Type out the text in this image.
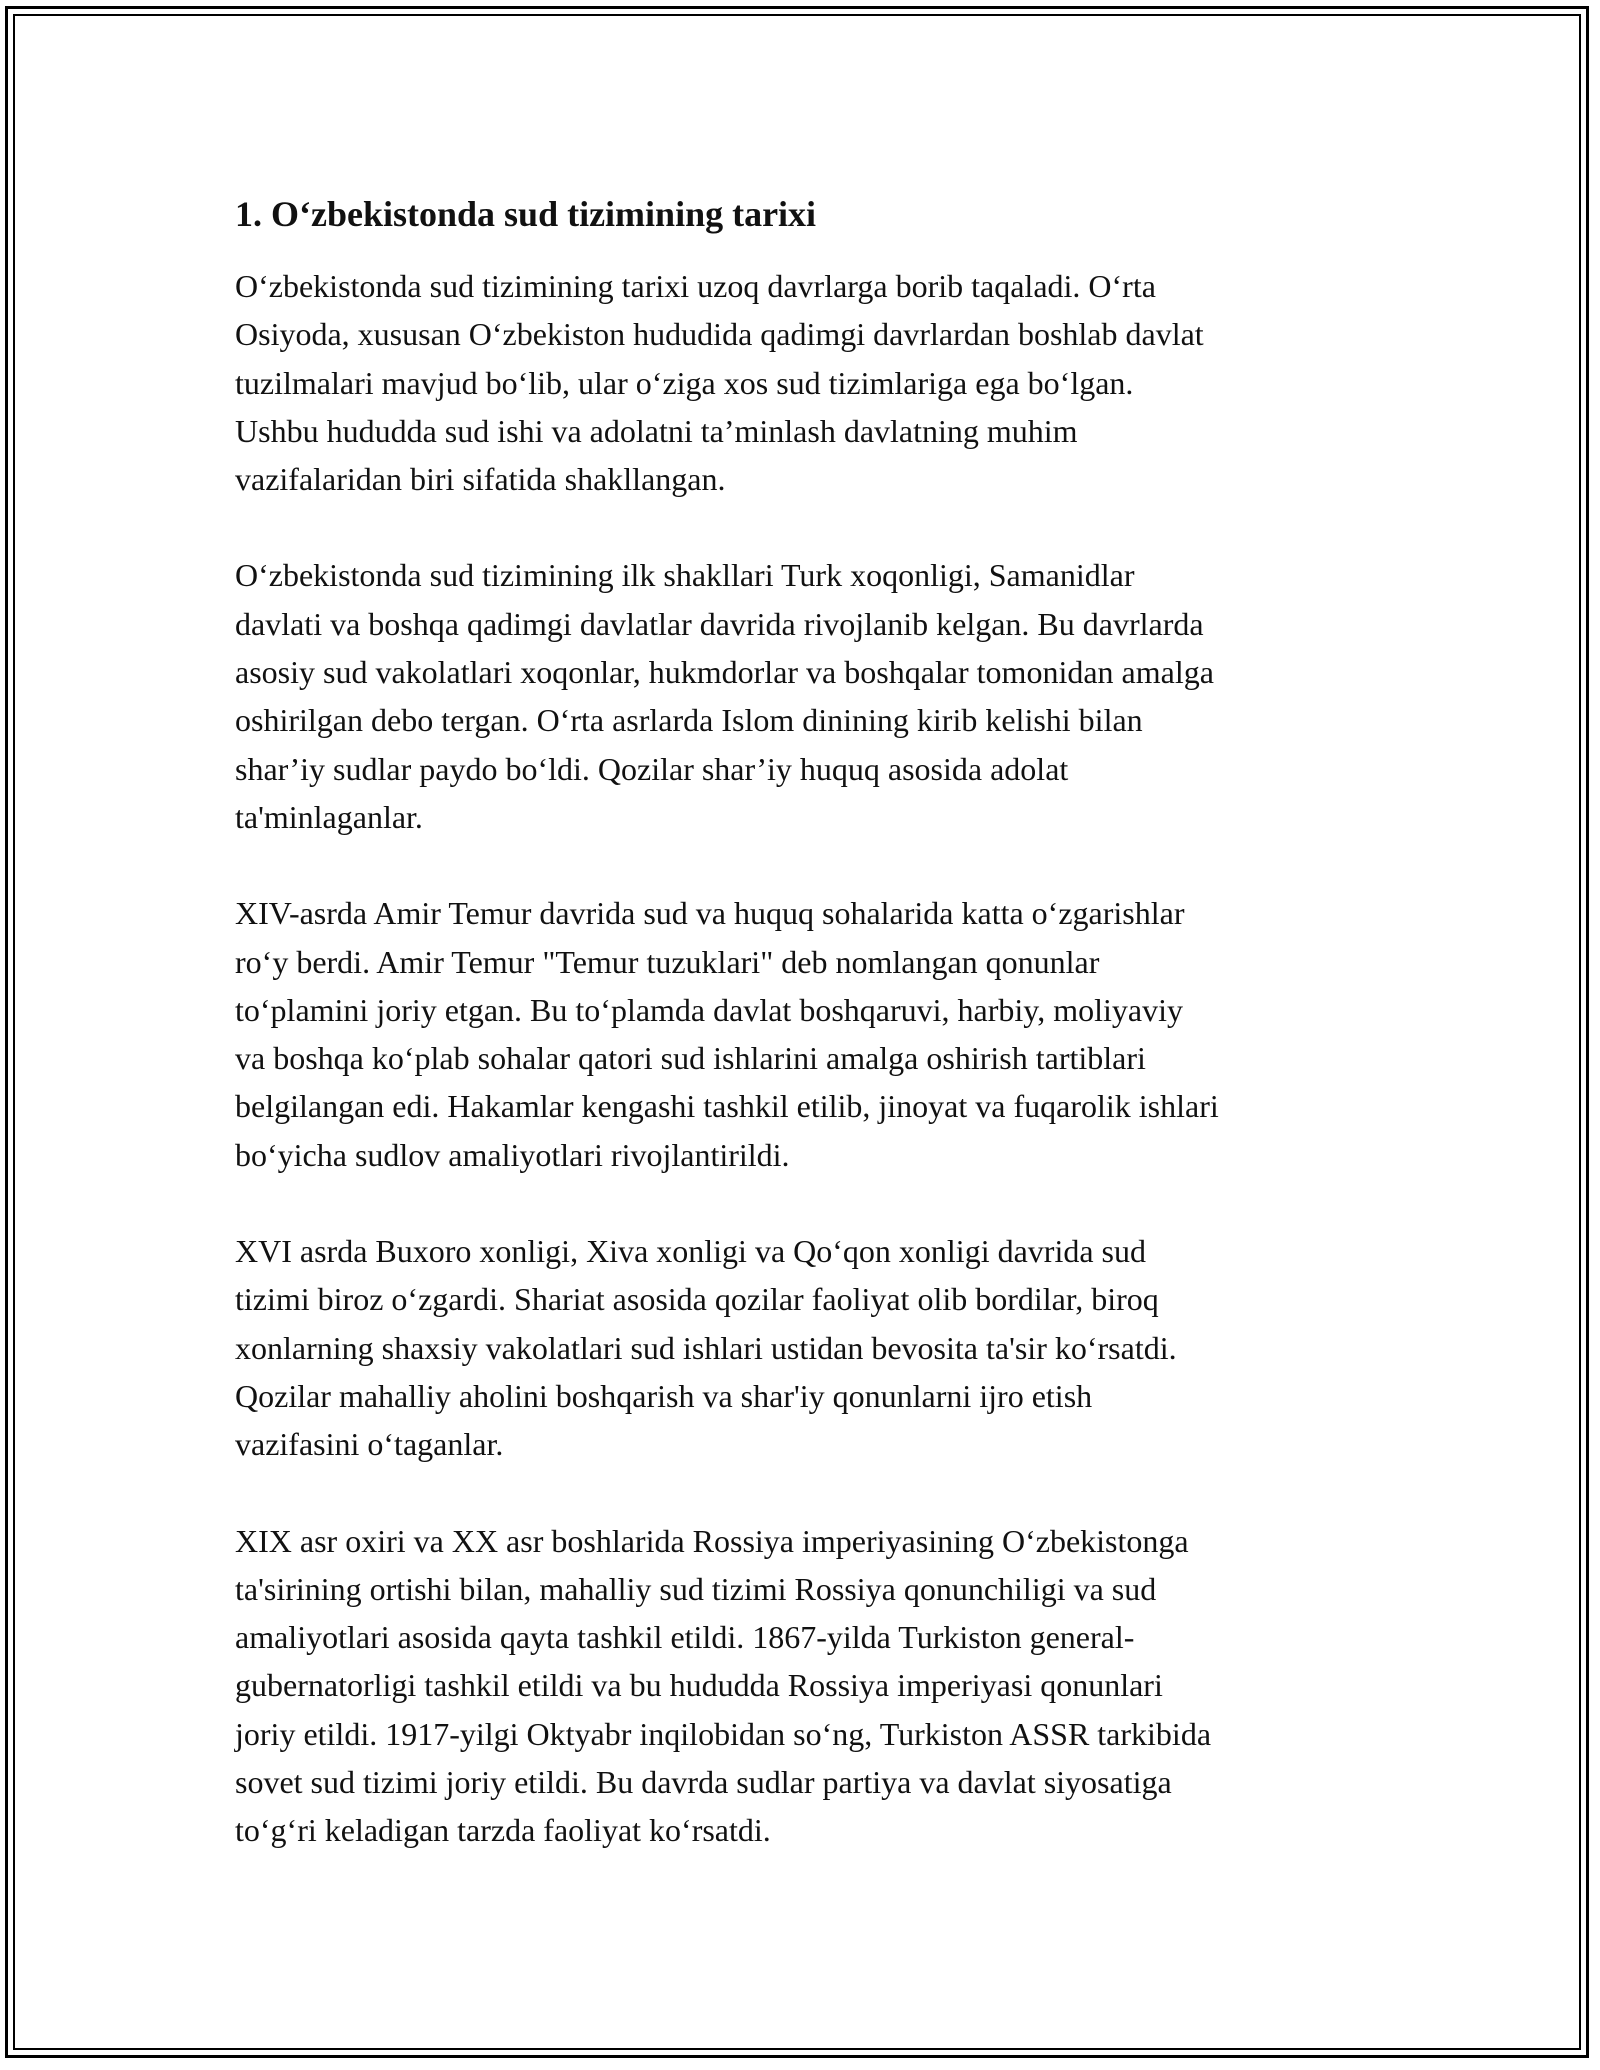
1. O‘zbekistonda sud tizimining tarixi

O‘zbekistonda sud tizimining tarixi uzoq davrlarga borib taqaladi. O‘rta
Osiyoda, xususan O‘zbekiston hududida qadimgi davrlardan boshlab davlat
tuzilmalari mavjud bo‘lib, ular o‘ziga xos sud tizimlariga ega bo‘lgan.
Ushbu hududda sud ishi va adolatni ta’minlash davlatning muhim
vazifalaridan biri sifatida shakllangan.

O‘zbekistonda sud tizimining ilk shakllari Turk xoqonligi, Samanidlar
davlati va boshqa qadimgi davlatlar davrida rivojlanib kelgan. Bu davrlarda
asosiy sud vakolatlari xoqonlar, hukmdorlar va boshqalar tomonidan amalga
oshirilgan debo tergan. O‘rta asrlarda Islom dinining kirib kelishi bilan
shar’iy sudlar paydo bo‘ldi. Qozilar shar’iy huquq asosida adolat
ta'minlaganlar.

XIV-asrda Amir Temur davrida sud va huquq sohalarida katta o‘zgarishlar
ro‘y berdi. Amir Temur "Temur tuzuklari" deb nomlangan qonunlar
to‘plamini joriy etgan. Bu to‘plamda davlat boshqaruvi, harbiy, moliyaviy
va boshqa ko‘plab sohalar qatori sud ishlarini amalga oshirish tartiblari
belgilangan edi. Hakamlar kengashi tashkil etilib, jinoyat va fuqarolik ishlari
bo‘yicha sudlov amaliyotlari rivojlantirildi.

XVI asrda Buxoro xonligi, Xiva xonligi va Qo‘qon xonligi davrida sud
tizimi biroz o‘zgardi. Shariat asosida qozilar faoliyat olib bordilar, biroq
xonlarning shaxsiy vakolatlari sud ishlari ustidan bevosita ta'sir ko‘rsatdi.
Qozilar mahalliy aholini boshqarish va shar'iy qonunlarni ijro etish
vazifasini o‘taganlar.

XIX asr oxiri va XX asr boshlarida Rossiya imperiyasining O‘zbekistonga
ta'sirining ortishi bilan, mahalliy sud tizimi Rossiya qonunchiligi va sud
amaliyotlari asosida qayta tashkil etildi. 1867-yilda Turkiston general-
gubernatorligi tashkil etildi va bu hududda Rossiya imperiyasi qonunlari
joriy etildi. 1917-yilgi Oktyabr inqilobidan so‘ng, Turkiston ASSR tarkibida
sovet sud tizimi joriy etildi. Bu davrda sudlar partiya va davlat siyosatiga
to‘g‘ri keladigan tarzda faoliyat ko‘rsatdi.
